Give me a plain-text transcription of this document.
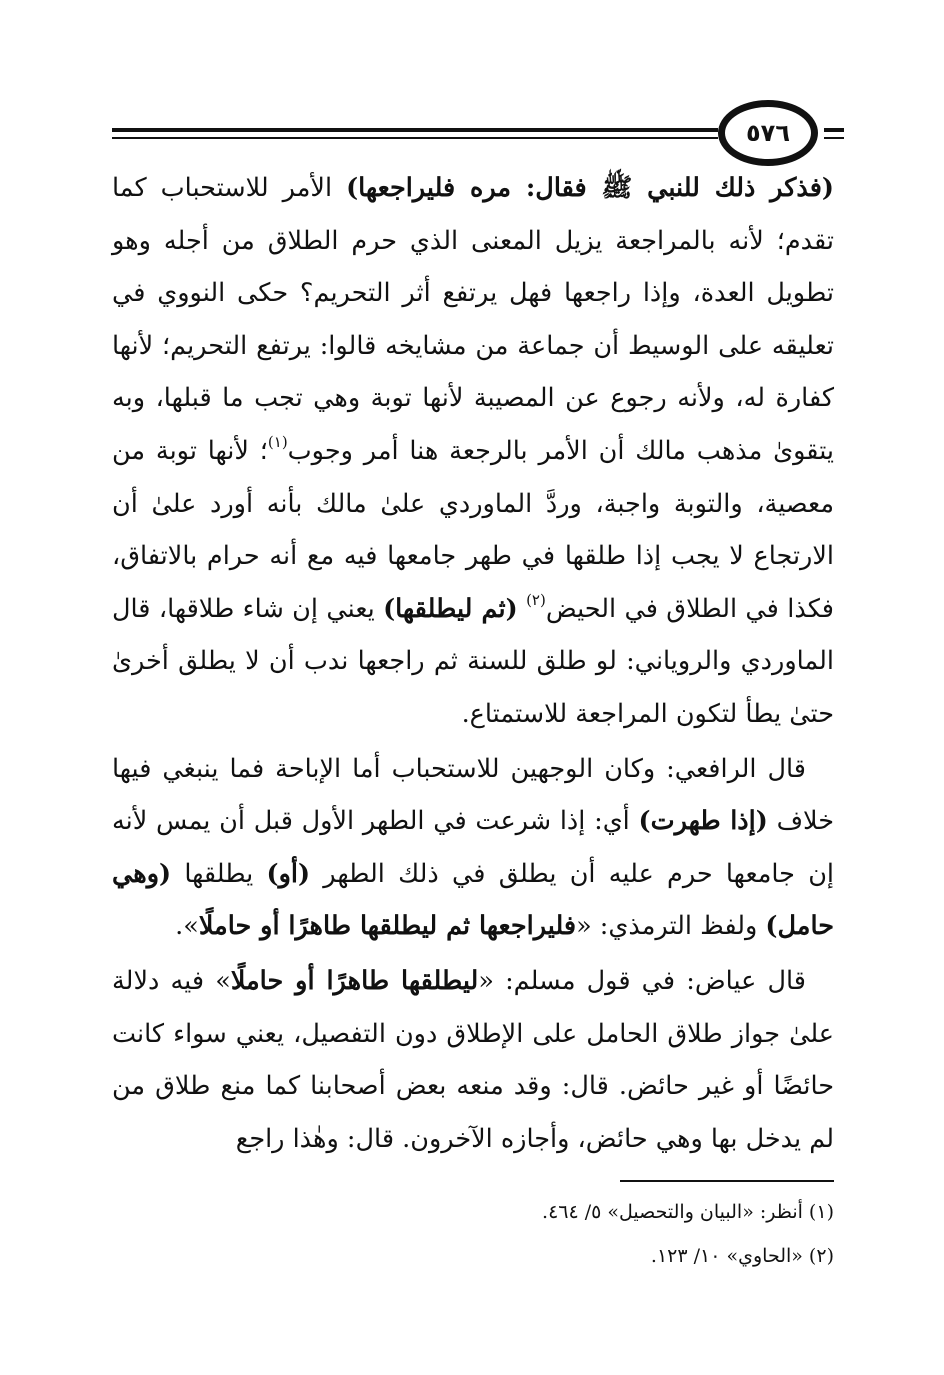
٥٧٦

(فذكر ذلك للنبي ﷺ فقال: مره فليراجعها) الأمر للاستحباب كما تقدم؛ لأنه بالمراجعة يزيل المعنى الذي حرم الطلاق من أجله وهو تطويل العدة، وإذا راجعها فهل يرتفع أثر التحريم؟ حكى النووي في تعليقه على الوسيط أن جماعة من مشايخه قالوا: يرتفع التحريم؛ لأنها كفارة له، ولأنه رجوع عن المصيبة لأنها توبة وهي تجب ما قبلها، وبه يتقوىٰ مذهب مالك أن الأمر بالرجعة هنا أمر وجوب$^{(١)}$؛ لأنها توبة من معصية، والتوبة واجبة، وردَّ الماوردي علىٰ مالك بأنه أورد علىٰ أن الارتجاع لا يجب إذا طلقها في طهر جامعها فيه مع أنه حرام بالاتفاق، فكذا في الطلاق في الحيض$^{(٢)}$ (ثم ليطلقها) يعني إن شاء طلاقها، قال الماوردي والروياني: لو طلق للسنة ثم راجعها ندب أن لا يطلق أخرىٰ حتىٰ يطأ لتكون المراجعة للاستمتاع.

قال الرافعي: وكان الوجهين للاستحباب أما الإباحة فما ينبغي فيها خلاف (إذا طهرت) أي: إذا شرعت في الطهر الأول قبل أن يمس لأنه إن جامعها حرم عليه أن يطلق في ذلك الطهر (أو) يطلقها (وهي حامل) ولفظ الترمذي: «فليراجعها ثم ليطلقها طاهرًا أو حاملًا».

قال عياض: في قول مسلم: «ليطلقها طاهرًا أو حاملًا» فيه دلالة علىٰ جواز طلاق الحامل على الإطلاق دون التفصيل، يعني سواء كانت حائضًا أو غير حائض. قال: وقد منعه بعض أصحابنا كما منع طلاق من لم يدخل بها وهي حائض، وأجازه الآخرون. قال: وهٰذا راجع

(١) أنظر: «البيان والتحصيل» ٥/ ٤٦٤.

(٢) «الحاوي» ١٠/ ١٢٣.
